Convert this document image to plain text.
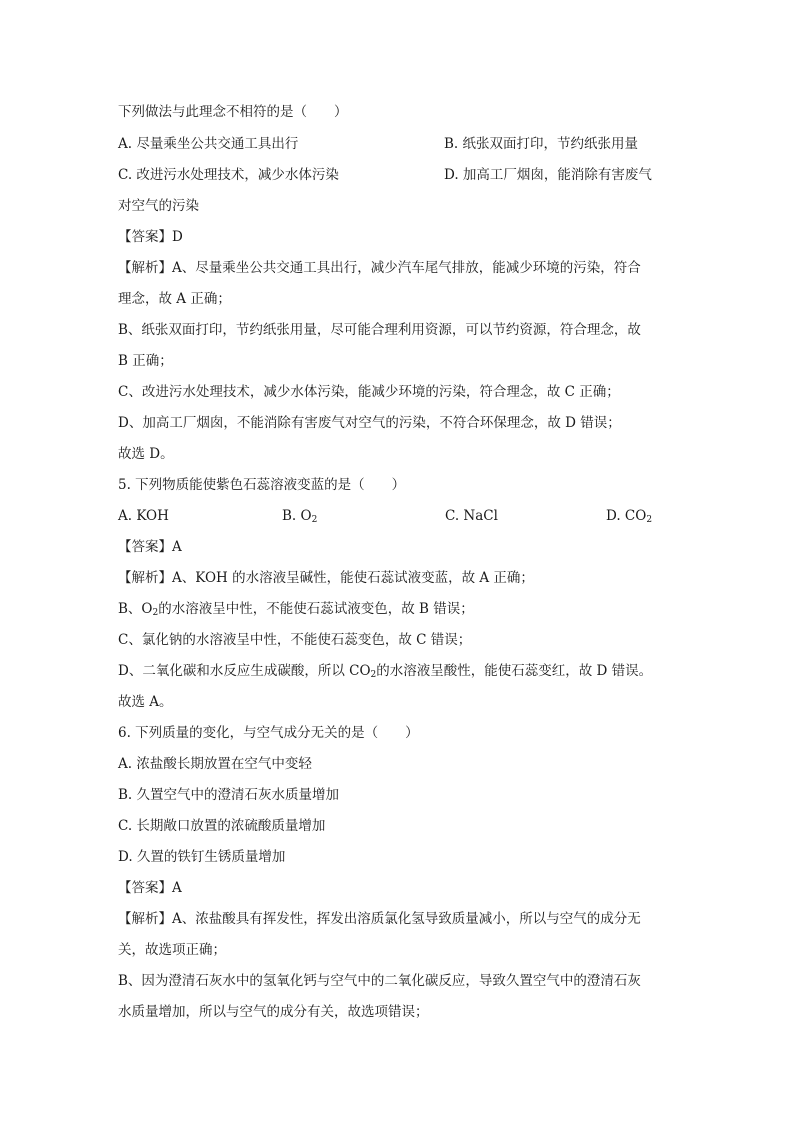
下列做法与此理念不相符的是（　　）
A. 尽量乘坐公共交通工具出行	B. 纸张双面打印，节约纸张用量
C. 改进污水处理技术，减少水体污染	D. 加高工厂烟囱，能消除有害废气
对空气的污染
【答案】D
【解析】A、尽量乘坐公共交通工具出行，减少汽车尾气排放，能减少环境的污染，符合
理念，故 A 正确；
B、纸张双面打印，节约纸张用量，尽可能合理利用资源，可以节约资源，符合理念，故
B 正确；
C、改进污水处理技术，减少水体污染，能减少环境的污染，符合理念，故 C 正确；
D、加高工厂烟囱，不能消除有害废气对空气的污染，不符合环保理念，故 D 错误；
故选 D。
5. 下列物质能使紫色石蕊溶液变蓝的是（　　）
A. KOH	B. $O_2$	C. NaCl	D. $CO_2$
【答案】A
【解析】A、KOH 的水溶液呈碱性，能使石蕊试液变蓝，故 A 正确；
B、$O_2$的水溶液呈中性，不能使石蕊试液变色，故 B 错误；
C、氯化钠的水溶液呈中性，不能使石蕊变色，故 C 错误；
D、二氧化碳和水反应生成碳酸，所以 $CO_2$的水溶液呈酸性，能使石蕊变红，故 D 错误。
故选 A。
6. 下列质量的变化，与空气成分无关的是（　　）
A. 浓盐酸长期放置在空气中变轻
B. 久置空气中的澄清石灰水质量增加
C. 长期敞口放置的浓硫酸质量增加
D. 久置的铁钉生锈质量增加
【答案】A
【解析】A、浓盐酸具有挥发性，挥发出溶质氯化氢导致质量减小，所以与空气的成分无
关，故选项正确；
B、因为澄清石灰水中的氢氧化钙与空气中的二氧化碳反应，导致久置空气中的澄清石灰
水质量增加，所以与空气的成分有关，故选项错误；
